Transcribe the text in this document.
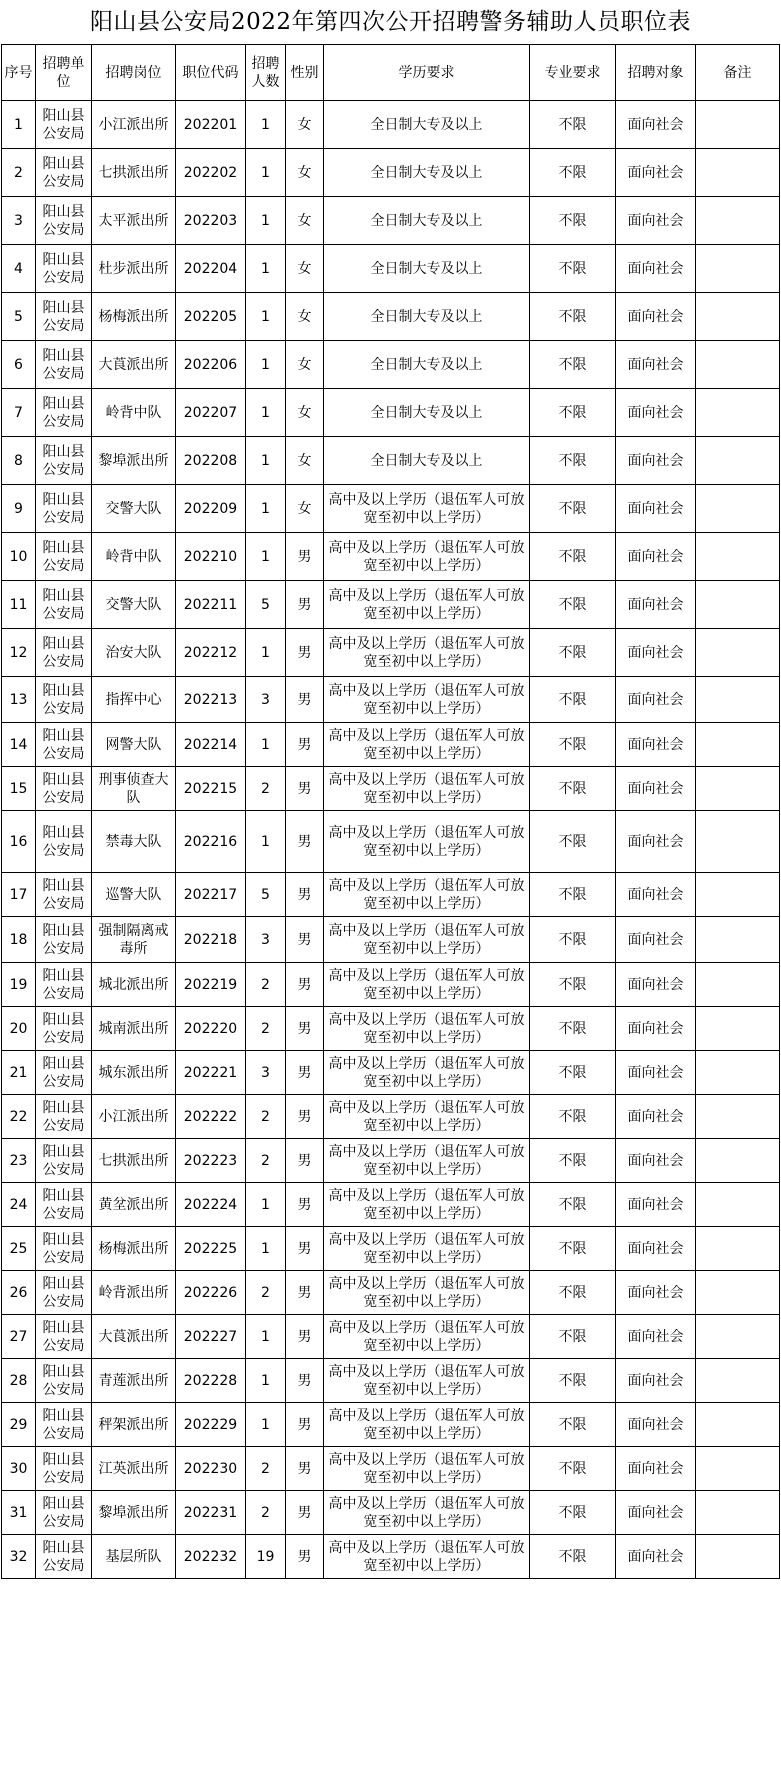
阳山县公安局2022年第四次公开招聘警务辅助人员职位表
序号	招聘单位	招聘岗位	职位代码	招聘人数	性别	学历要求	专业要求	招聘对象	备注
1	阳山县公安局	小江派出所	202201	1	女	全日制大专及以上	不限	面向社会	
2	阳山县公安局	七拱派出所	202202	1	女	全日制大专及以上	不限	面向社会	
3	阳山县公安局	太平派出所	202203	1	女	全日制大专及以上	不限	面向社会	
4	阳山县公安局	杜步派出所	202204	1	女	全日制大专及以上	不限	面向社会	
5	阳山县公安局	杨梅派出所	202205	1	女	全日制大专及以上	不限	面向社会	
6	阳山县公安局	大莨派出所	202206	1	女	全日制大专及以上	不限	面向社会	
7	阳山县公安局	岭背中队	202207	1	女	全日制大专及以上	不限	面向社会	
8	阳山县公安局	黎埠派出所	202208	1	女	全日制大专及以上	不限	面向社会	
9	阳山县公安局	交警大队	202209	1	女	高中及以上学历（退伍军人可放宽至初中以上学历）	不限	面向社会	
10	阳山县公安局	岭背中队	202210	1	男	高中及以上学历（退伍军人可放宽至初中以上学历）	不限	面向社会	
11	阳山县公安局	交警大队	202211	5	男	高中及以上学历（退伍军人可放宽至初中以上学历）	不限	面向社会	
12	阳山县公安局	治安大队	202212	1	男	高中及以上学历（退伍军人可放宽至初中以上学历）	不限	面向社会	
13	阳山县公安局	指挥中心	202213	3	男	高中及以上学历（退伍军人可放宽至初中以上学历）	不限	面向社会	
14	阳山县公安局	网警大队	202214	1	男	高中及以上学历（退伍军人可放宽至初中以上学历）	不限	面向社会	
15	阳山县公安局	刑事侦查大队	202215	2	男	高中及以上学历（退伍军人可放宽至初中以上学历）	不限	面向社会	
16	阳山县公安局	禁毒大队	202216	1	男	高中及以上学历（退伍军人可放宽至初中以上学历）	不限	面向社会	
17	阳山县公安局	巡警大队	202217	5	男	高中及以上学历（退伍军人可放宽至初中以上学历）	不限	面向社会	
18	阳山县公安局	强制隔离戒毒所	202218	3	男	高中及以上学历（退伍军人可放宽至初中以上学历）	不限	面向社会	
19	阳山县公安局	城北派出所	202219	2	男	高中及以上学历（退伍军人可放宽至初中以上学历）	不限	面向社会	
20	阳山县公安局	城南派出所	202220	2	男	高中及以上学历（退伍军人可放宽至初中以上学历）	不限	面向社会	
21	阳山县公安局	城东派出所	202221	3	男	高中及以上学历（退伍军人可放宽至初中以上学历）	不限	面向社会	
22	阳山县公安局	小江派出所	202222	2	男	高中及以上学历（退伍军人可放宽至初中以上学历）	不限	面向社会	
23	阳山县公安局	七拱派出所	202223	2	男	高中及以上学历（退伍军人可放宽至初中以上学历）	不限	面向社会	
24	阳山县公安局	黄坌派出所	202224	1	男	高中及以上学历（退伍军人可放宽至初中以上学历）	不限	面向社会	
25	阳山县公安局	杨梅派出所	202225	1	男	高中及以上学历（退伍军人可放宽至初中以上学历）	不限	面向社会	
26	阳山县公安局	岭背派出所	202226	2	男	高中及以上学历（退伍军人可放宽至初中以上学历）	不限	面向社会	
27	阳山县公安局	大莨派出所	202227	1	男	高中及以上学历（退伍军人可放宽至初中以上学历）	不限	面向社会	
28	阳山县公安局	青莲派出所	202228	1	男	高中及以上学历（退伍军人可放宽至初中以上学历）	不限	面向社会	
29	阳山县公安局	秤架派出所	202229	1	男	高中及以上学历（退伍军人可放宽至初中以上学历）	不限	面向社会	
30	阳山县公安局	江英派出所	202230	2	男	高中及以上学历（退伍军人可放宽至初中以上学历）	不限	面向社会	
31	阳山县公安局	黎埠派出所	202231	2	男	高中及以上学历（退伍军人可放宽至初中以上学历）	不限	面向社会	
32	阳山县公安局	基层所队	202232	19	男	高中及以上学历（退伍军人可放宽至初中以上学历）	不限	面向社会	
